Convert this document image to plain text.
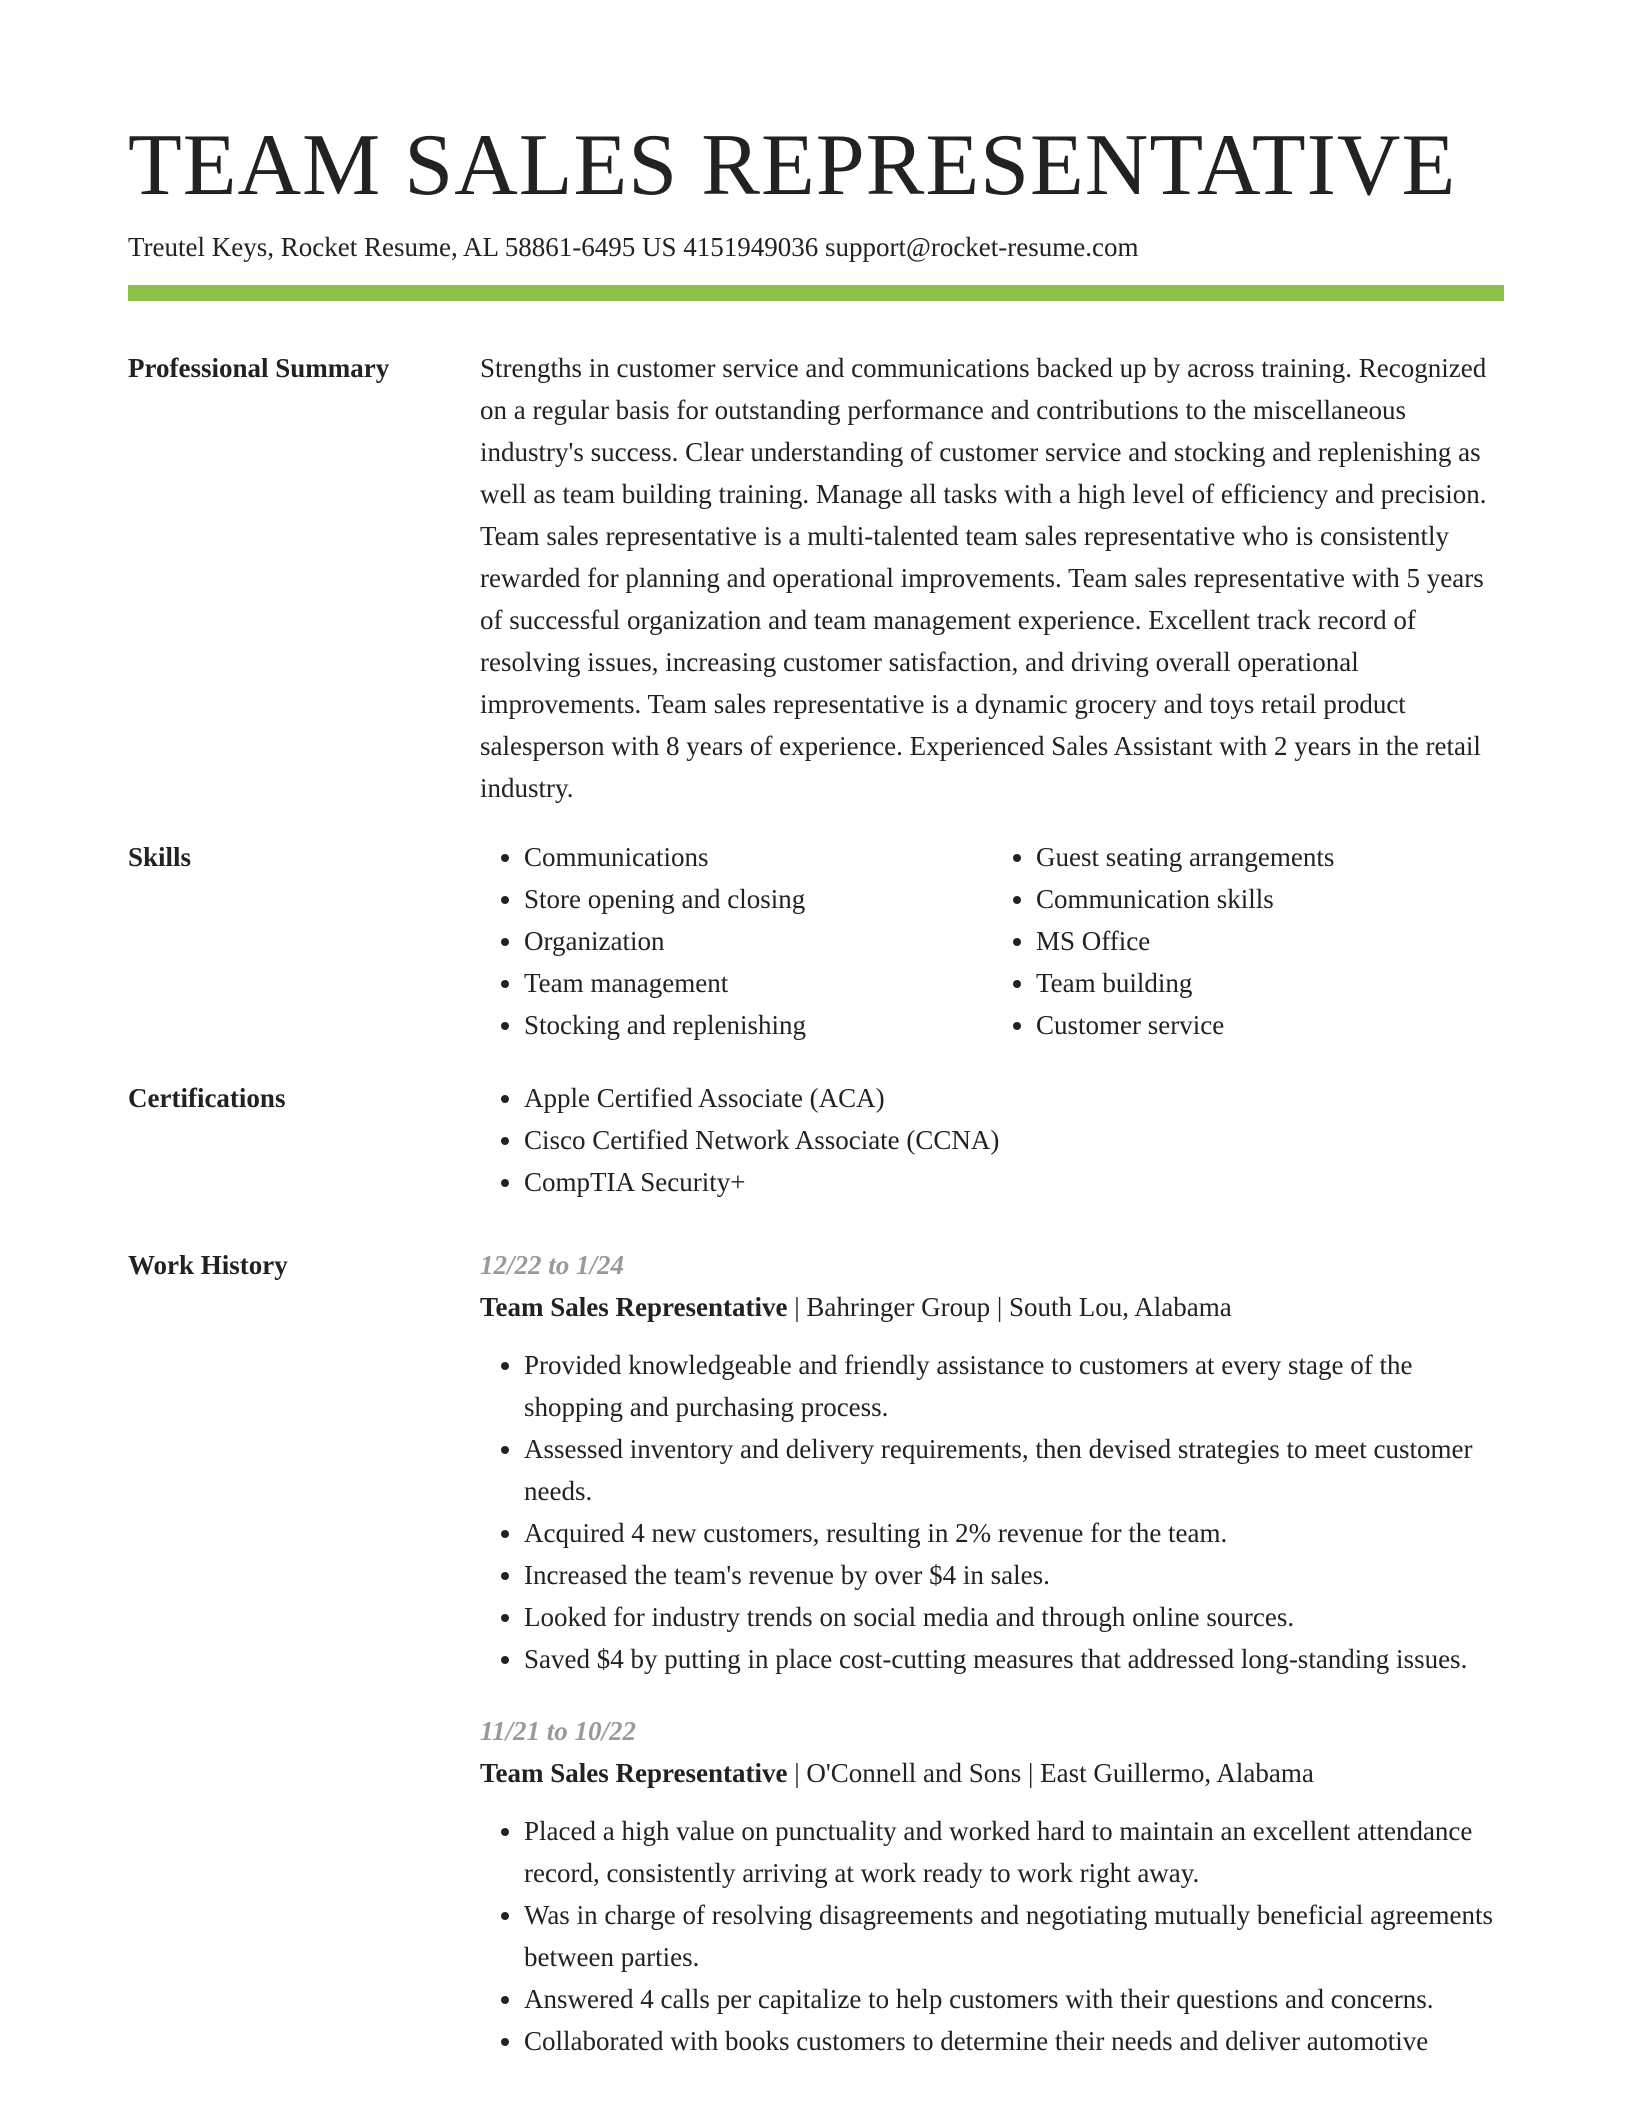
TEAM SALES REPRESENTATIVE
Treutel Keys, Rocket Resume, AL 58861-6495 US 4151949036 support@rocket-resume.com
Professional Summary	Strengths in customer service and communications backed up by across training. Recognized on a regular basis for outstanding performance and contributions to the miscellaneous industry's success. Clear understanding of customer service and stocking and replenishing as well as team building training. Manage all tasks with a high level of efficiency and precision. Team sales representative is a multi-talented team sales representative who is consistently rewarded for planning and operational improvements. Team sales representative with 5 years of successful organization and team management experience. Excellent track record of resolving issues, increasing customer satisfaction, and driving overall operational improvements. Team sales representative is a dynamic grocery and toys retail product salesperson with 8 years of experience. Experienced Sales Assistant with 2 years in the retail industry.

Skills	• Communications
• Store opening and closing
• Organization
• Team management
• Stocking and replenishing
• Guest seating arrangements
• Communication skills
• MS Office
• Team building
• Customer service
Certifications	• Apple Certified Associate (ACA)
• Cisco Certified Network Associate (CCNA)
• CompTIA Security+
Work History	12/22 to 1/24
Team Sales Representative | Bahringer Group | South Lou, Alabama
• Provided knowledgeable and friendly assistance to customers at every stage of the shopping and purchasing process.
• Assessed inventory and delivery requirements, then devised strategies to meet customer needs.
• Acquired 4 new customers, resulting in 2% revenue for the team.
• Increased the team's revenue by over $4 in sales.
• Looked for industry trends on social media and through online sources.
• Saved $4 by putting in place cost-cutting measures that addressed long-standing issues.
11/21 to 10/22
Team Sales Representative | O'Connell and Sons | East Guillermo, Alabama
• Placed a high value on punctuality and worked hard to maintain an excellent attendance record, consistently arriving at work ready to work right away.
• Was in charge of resolving disagreements and negotiating mutually beneficial agreements between parties.
• Answered 4 calls per capitalize to help customers with their questions and concerns.
• Collaborated with books customers to determine their needs and deliver automotive
